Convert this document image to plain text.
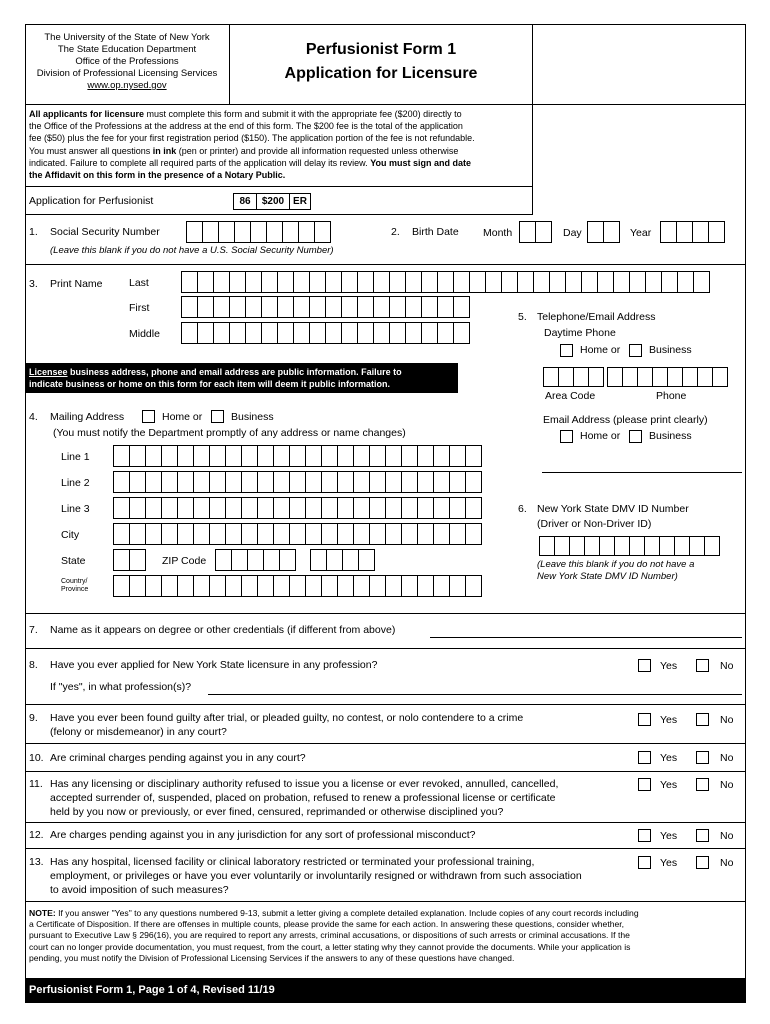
The University of the State of New York
The State Education Department
Office of the Professions
Division of Professional Licensing Services
www.op.nysed.gov
Perfusionist Form 1
Application for Licensure
All applicants for licensure must complete this form and submit it with the appropriate fee ($200) directly to
the Office of the Professions at the address at the end of this form. The $200 fee is the total of the application
fee ($50) plus the fee for your first registration period ($150). The application portion of the fee is not refundable.
You must answer all questions in ink (pen or printer) and provide all information requested unless otherwise
indicated. Failure to complete all required parts of the application will delay its review. You must sign and date
the Affidavit on this form in the presence of a Notary Public.
Application for Perfusionist	86	$200 ER
1. Social Security Number
(Leave this blank if you do not have a U.S. Social Security Number)
2. Birth Date Month	Day	Year
3. Print Name	Last
First
Middle
5. Telephone/Email Address
Daytime Phone
Home or	Business
Area Code	Phone
Email Address (please print clearly)
Home or	Business
Licensee business address, phone and email address are public information. Failure to
indicate business or home on this form for each item will deem it public information.
4. Mailing Address	Home or	Business
(You must notify the Department promptly of any address or name changes)
Line 1
Line 2
Line 3
City
State	ZIP Code
Country/
Province
6. New York State DMV ID Number
(Driver or Non-Driver ID)
(Leave this blank if you do not have a
New York State DMV ID Number)
7. Name as it appears on degree or other credentials (if different from above)
8. Have you ever applied for New York State licensure in any profession?
If "yes", in what profession(s)?
Yes	No
9. Have you ever been found guilty after trial, or pleaded guilty, no contest, or nolo contendere to a crime
(felony or misdemeanor) in any court?
Yes	No
10. Are criminal charges pending against you in any court?	Yes	No
11. Has any licensing or disciplinary authority refused to issue you a license or ever revoked, annulled, cancelled,
accepted surrender of, suspended, placed on probation, refused to renew a professional license or certificate
held by you now or previously, or ever fined, censured, reprimanded or otherwise disciplined you?
Yes	No
12. Are charges pending against you in any jurisdiction for any sort of professional misconduct?	Yes	No
13. Has any hospital, licensed facility or clinical laboratory restricted or terminated your professional training,
employment, or privileges or have you ever voluntarily or involuntarily resigned or withdrawn from such association
to avoid imposition of such measures?
Yes	No
NOTE: If you answer "Yes" to any questions numbered 9-13, submit a letter giving a complete detailed explanation. Include copies of any court records including
a Certificate of Disposition. If there are offenses in multiple counts, please provide the same for each action. In answering these questions, consider whether,
pursuant to Executive Law § 296(16), you are required to report any arrests, criminal accusations, or dispositions of such arrests or criminal accusations. If the
court can no longer provide documentation, you must request, from the court, a letter stating why they cannot provide the documents. While your application is
pending, you must notify the Division of Professional Licensing Services if the answers to any of these questions have changed.
Perfusionist Form 1, Page 1 of 4, Revised 11/19
